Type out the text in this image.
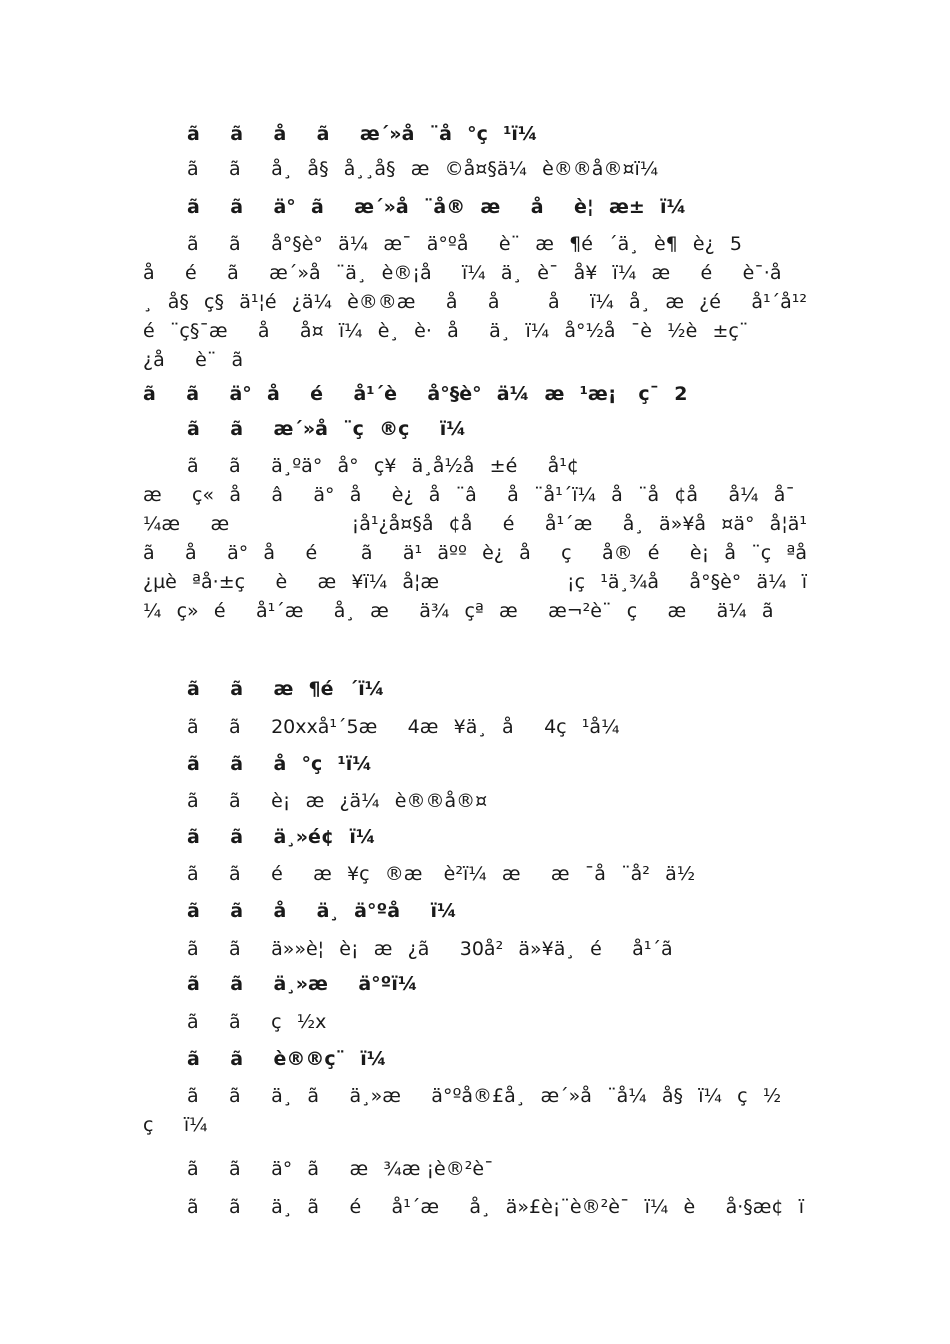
ããåãæ´»å¨å°ç¹ï¼

ããå¸å§å¸¸å§æ©å¤§ä¼è®®å®¤ï¼

ããä°ãæ´»å¨å®æåè¦æ±ï¼

ããå°§è°ä¼æ¯ä°ºåè¨æ¶é´ä¸è¶è¿5åéãæ´»å¨ä¸è®¡åï¼ä¸è¯å¥ï¼æéè¯·å¸å§ç§ä¹¦é¿ä¼è®®æåå åï¼å¸æ¿éå¹´å¹²é¨ç§¯æåå¤ï¼è¸è·åä¸ï¼å°½å¯è½è±ç¨¿åè¨ã

ããä°åéå¹´èå°§è°ä¼æ¹æ¡ ç¯2

ããæ´»å¨ç®çï¼

ããä¸ºä°å°ç¥ä¸å½å±éå¹¢æç«åâä°åè¿å¨âå¨å¹´ï¼å¨å¢åå¼å¯¼ææ ¡å¹¿å¤§å¢åéå¹´æå¸ä»¥å¤ä°å¦ä¹ ãåä°åé ãä¹äººè¿åçå®éè¡å¨çªå¿µèªå·±çèæ¥ï¼å¦æ ¡ç¹ä¸¾åå°§è°ä¼ï¼ç»éå¹´æå¸æä¾çªææ¬²è¨çæä¼ã

ããæ¶é´ï¼

ãã20xxå¹´5æ4æ¥ä¸å4ç¹å¼

ããå°ç¹ï¼

ããè¡æ¿ä¼è®®å®¤

ããä¸»é¢ï¼

ããéæ¥ç®æ è²ï¼ææ¯å¨å²ä½

ããåä¸ä°ºåï¼

ããä»»è¦è¡æ¿ã30å²ä»¥ä¸éå¹´ã

ããä¸»æä°ºï¼

ããç½x

ããè®®ç¨ï¼

ããä¸ãä¸»æä°ºå®£å¸æ´»å¨å¼å§ï¼ç½çï¼

ããä°ãæ¾æ ¡è®²è¯

ããä¸ãéå¹´æå¸ä»£è¡¨è®²è¯ï¼èå·§æ¢ï
